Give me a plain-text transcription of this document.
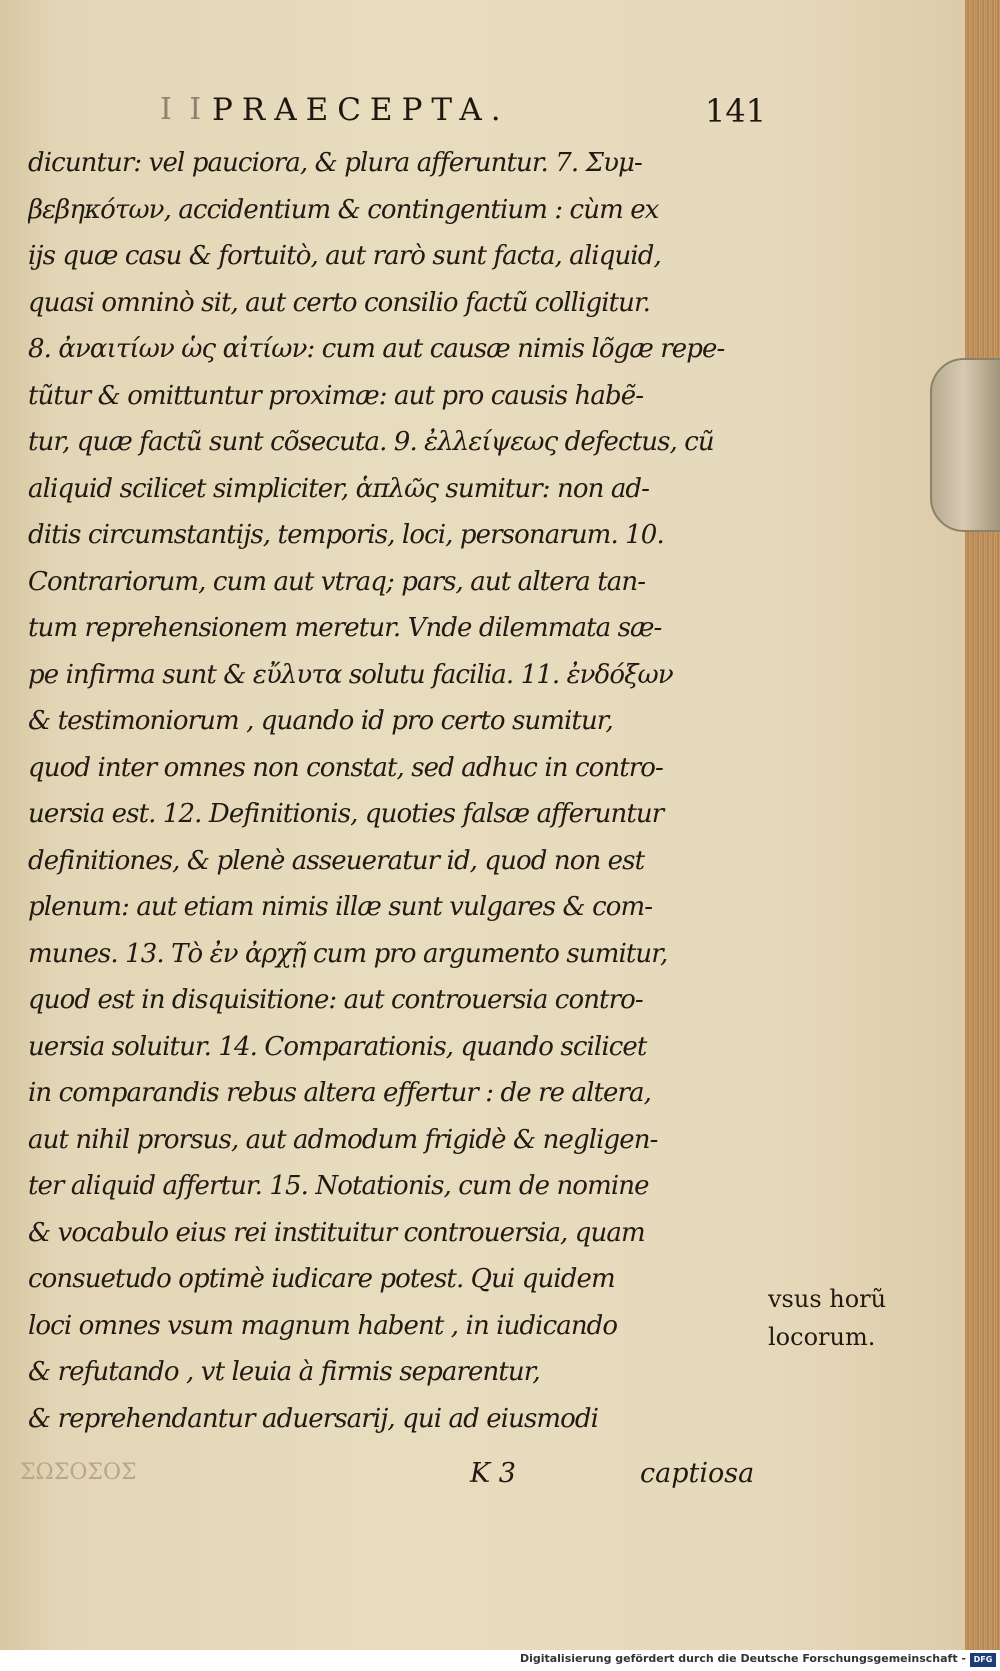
I I PRAECEPTA.	141
dicuntur: vel pauciora, & plura afferuntur. 7. Συμ-
βεβηκότων, accidentium & contingentium : cùm ex
ijs quæ casu & fortuitò, aut rarò sunt facta, aliquid,
quasi omninò sit, aut certo consilio factũ colligitur.
8. ἀναιτίων ὡς αἰτίων: cum aut causæ nimis lõgæ repe-
tũtur & omittuntur proximæ: aut pro causis habẽ-
tur, quæ factũ sunt cõsecuta. 9. ἐλλείψεως defectus, cũ
aliquid scilicet simpliciter, ἁπλῶς sumitur: non ad-
ditis circumstantijs, temporis, loci, personarum. 10.
Contrariorum, cum aut vtraq; pars, aut altera tan-
tum reprehensionem meretur. Vnde dilemmata sæ-
pe infirma sunt & εὔλυτα solutu facilia. 11. ἐνδόξων
& testimoniorum , quando id pro certo sumitur,
quod inter omnes non constat, sed adhuc in contro-
uersia est. 12. Definitionis, quoties falsæ afferuntur
definitiones, & plenè asseueratur id, quod non est
plenum: aut etiam nimis illæ sunt vulgares & com-
munes. 13. Τὸ ἐν ἀρχῇ cum pro argumento sumitur,
quod est in disquisitione: aut controuersia contro-
uersia soluitur. 14. Comparationis, quando scilicet
in comparandis rebus altera effertur : de re altera,
aut nihil prorsus, aut admodum frigidè & negligen-
ter aliquid affertur. 15. Notationis, cum de nomine
& vocabulo eius rei instituitur controuersia, quam
consuetudo optimè iudicare potest. Qui quidem
loci omnes vsum magnum habent , in iudicando
& refutando , vt leuia à firmis separentur,
& reprehendantur aduersarij, qui ad eiusmodi
vsus horũ
locorum.
ΣΩΣΟΣΟΣ	K 3	captiosa
Digitalisierung gefördert durch die Deutsche Forschungsgemeinschaft - DFG
